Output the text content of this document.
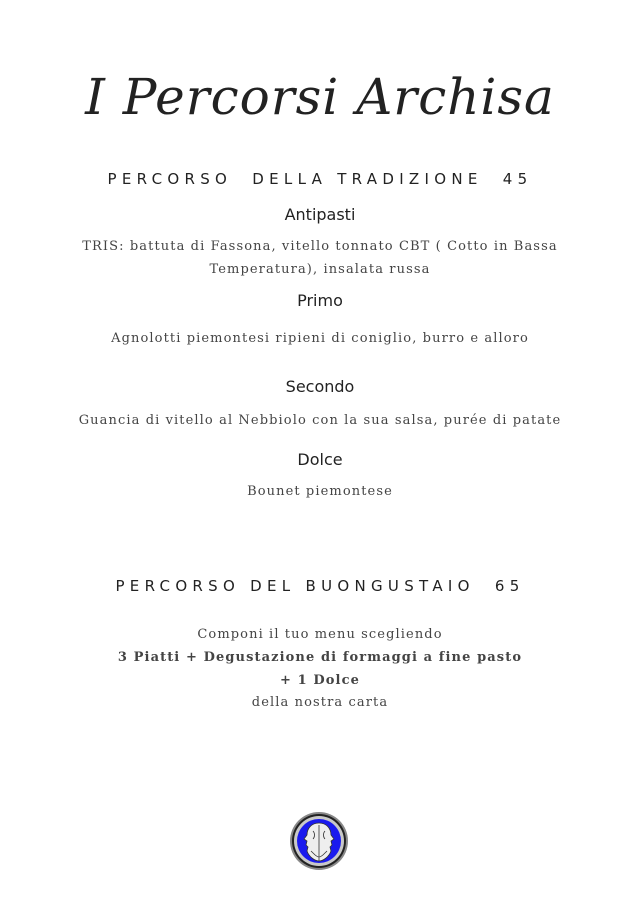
I Percorsi Archisa
PERCORSO  DELLA TRADIZIONE  45
Antipasti
TRIS: battuta di Fassona, vitello tonnato CBT ( Cotto in Bassa
Temperatura), insalata russa
Primo
Agnolotti piemontesi ripieni di coniglio, burro e alloro
Secondo
Guancia di vitello al Nebbiolo con la sua salsa, purée di patate
Dolce
Bounet piemontese
PERCORSO DEL BUONGUSTAIO  65
Componi il tuo menu scegliendo
3 Piatti + Degustazione di formaggi a fine pasto
+ 1 Dolce
della nostra carta
